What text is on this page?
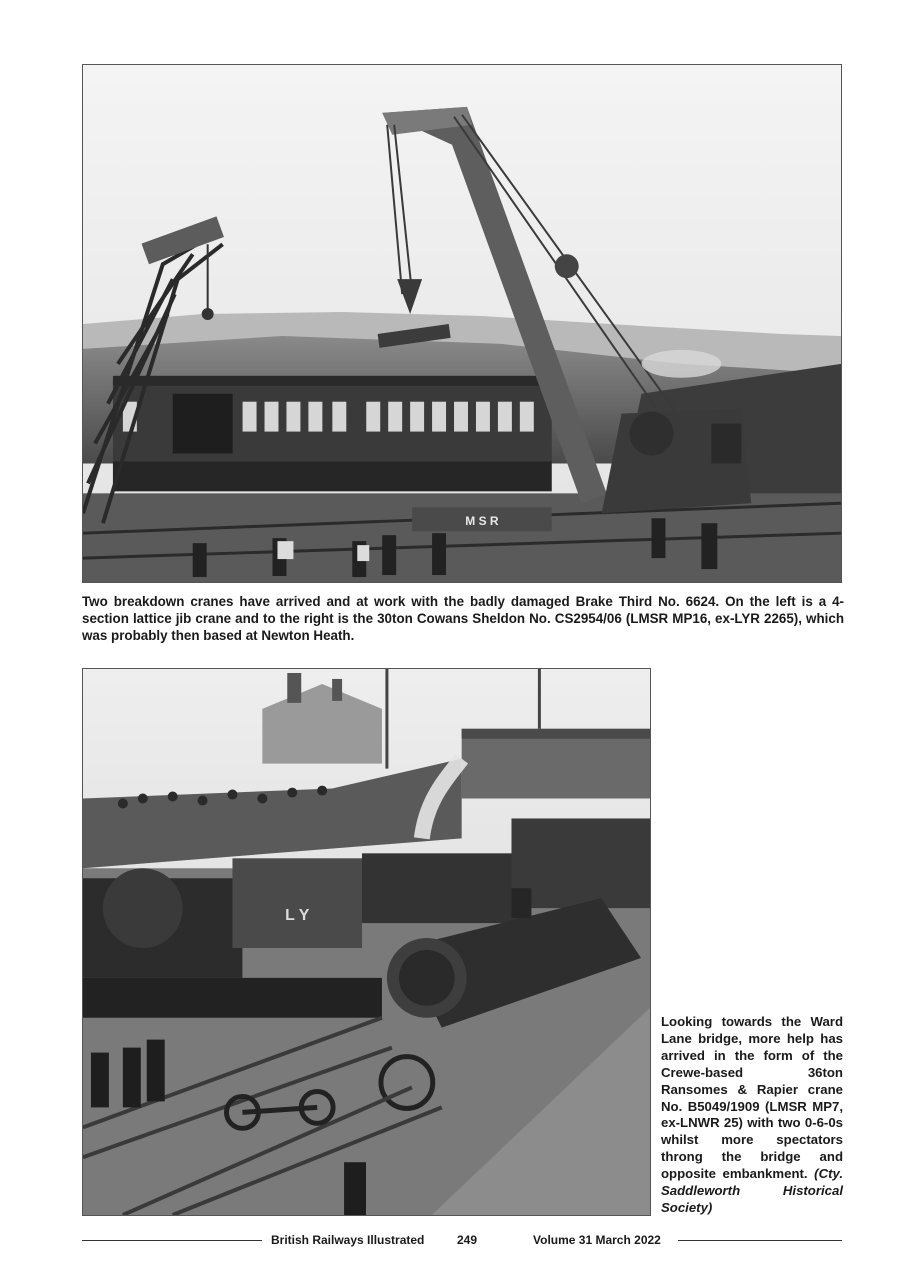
M S R

Two breakdown cranes have arrived and at work with the badly damaged Brake Third No. 6624. On the left is a 4-section lattice jib crane and to the right is the 30ton Cowans Sheldon No. CS2954/06 (LMSR MP16, ex-LYR 2265), which was probably then based at Newton Heath.

L Y

Looking towards the Ward Lane bridge, more help has arrived in the form of the Crewe-based 36ton Ransomes & Rapier crane No. B5049/1909 (LMSR MP7, ex-LNWR 25) with two 0-6-0s whilst more spectators throng the bridge and opposite embankment. (Cty. Saddleworth Historical Society)

British Railways Illustrated	249	Volume 31 March 2022
